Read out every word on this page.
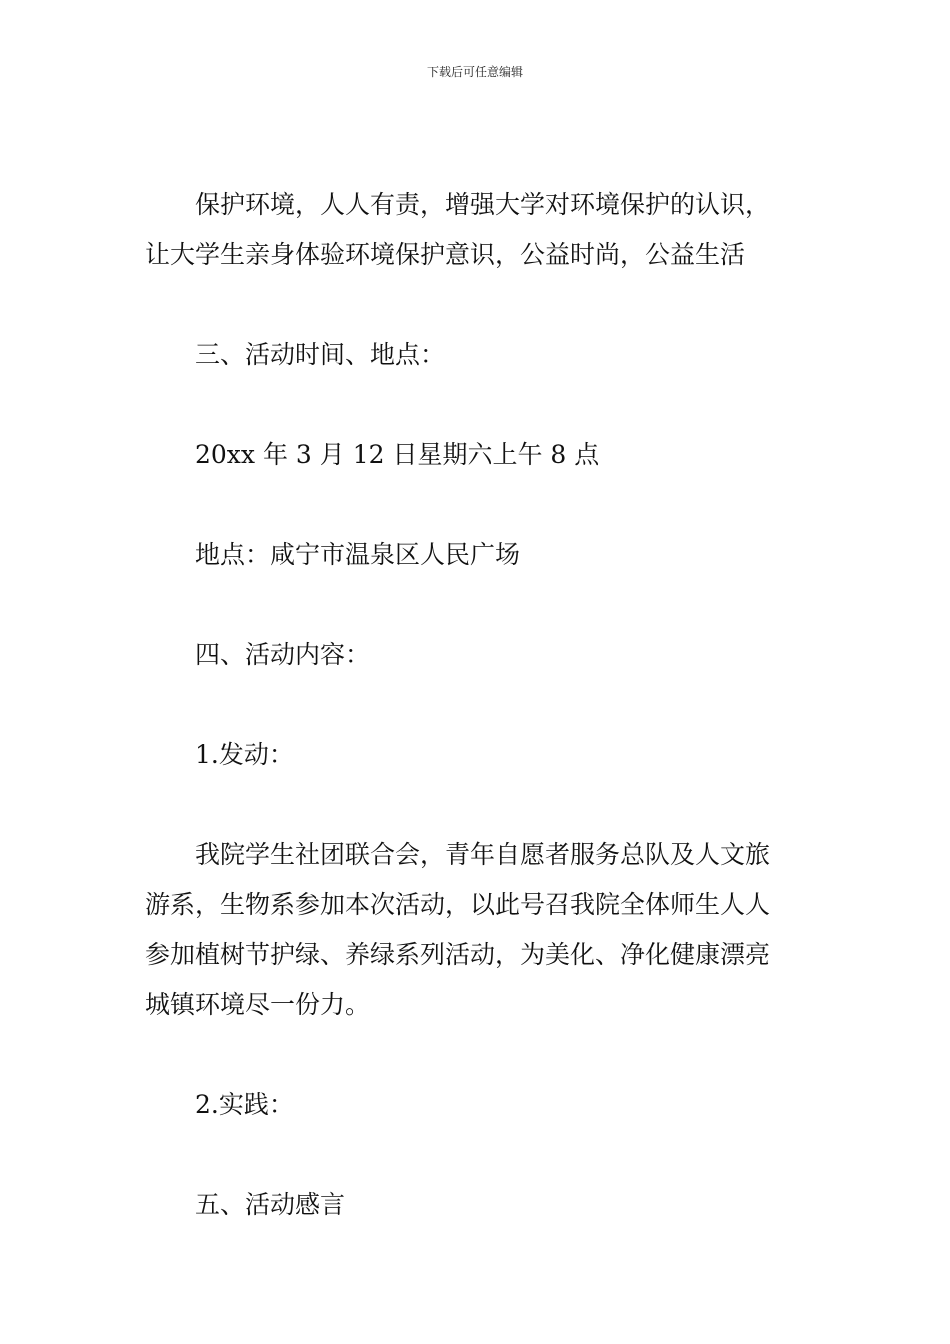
下载后可任意编辑

保护环境，人人有责，增强大学对环境保护的认识，

让大学生亲身体验环境保护意识，公益时尚，公益生活

三、活动时间、地点：

20xx 年 3 月 12 日星期六上午 8 点

地点：咸宁市温泉区人民广场

四、活动内容：

1.发动：

我院学生社团联合会，青年自愿者服务总队及人文旅

游系，生物系参加本次活动，以此号召我院全体师生人人

参加植树节护绿、养绿系列活动，为美化、净化健康漂亮

城镇环境尽一份力。

2.实践：

五、活动感言
